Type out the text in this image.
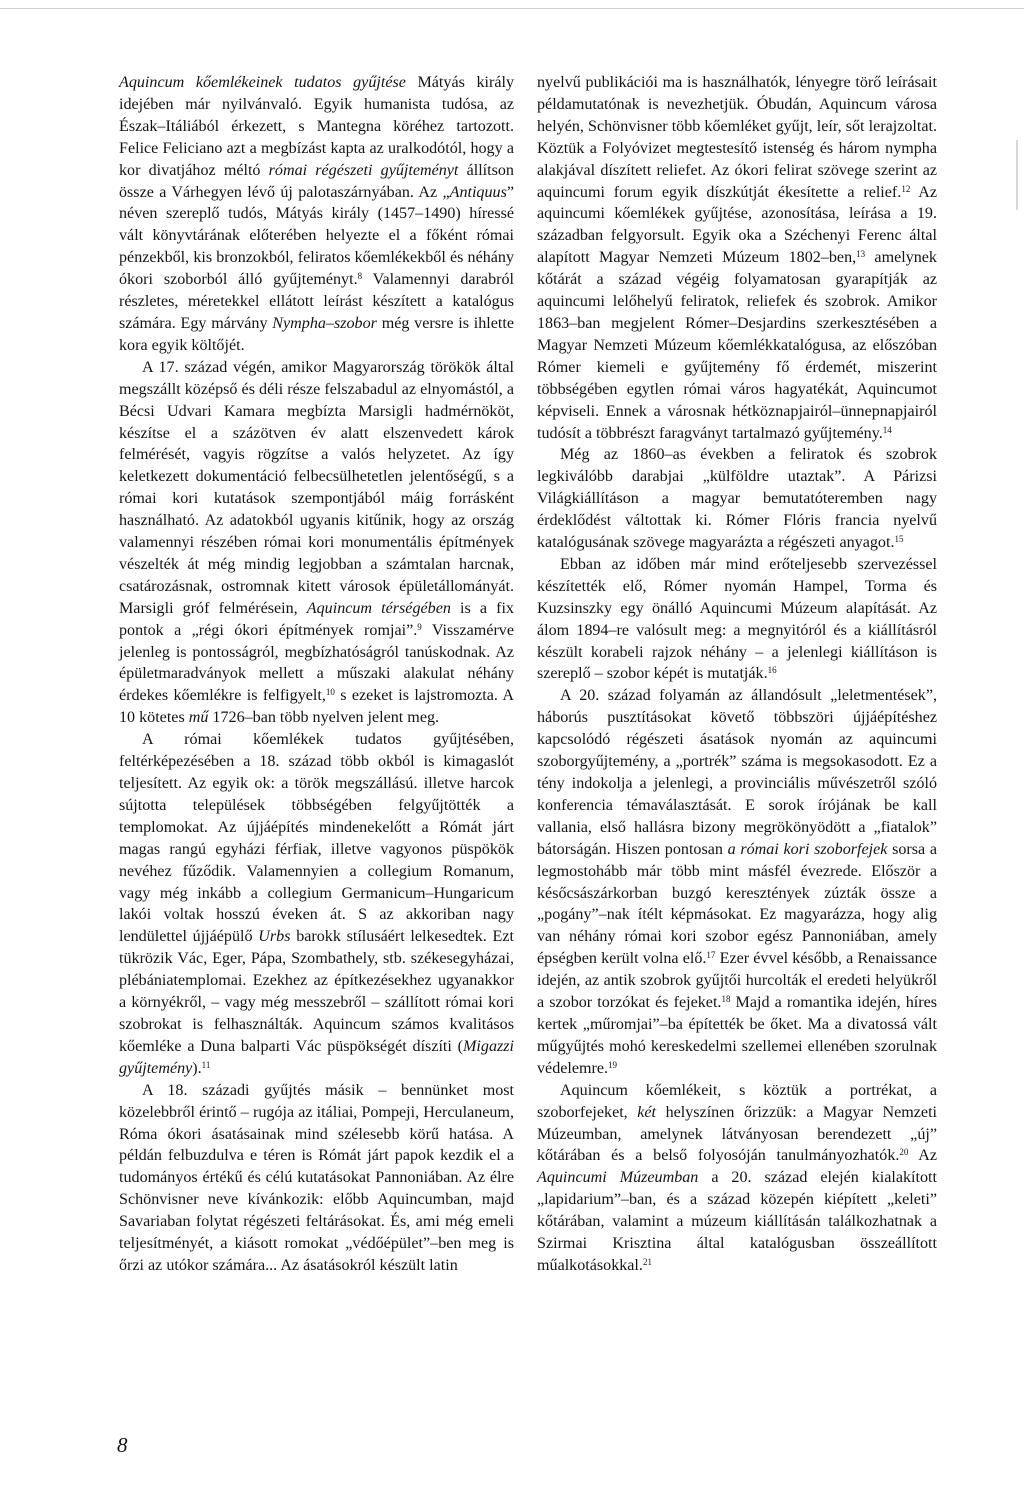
Aquincum kőemlékeinek tudatos gyűjtése Mátyás király idejében már nyilvánvaló. Egyik humanista tudósa, az Észak–Itáliából érkezett, s Mantegna köréhez tartozott. Felice Feliciano azt a megbízást kapta az uralkodótól, hogy a kor divatjához méltó római régészeti gyűjteményt állítson össze a Várhegyen lévő új palotaszárnyában. Az „Antiquus” néven szereplő tudós, Mátyás király (1457–1490) híressé vált könyvtárának előterében helyezte el a főként római pénzekből, kis bronzokból, feliratos kőemlékekből és néhány ókori szoborból álló gyűjteményt.$^8$ Valamennyi darabról részletes, méretekkel ellátott leírást készített a katalógus számára. Egy márvány Nympha–szobor még versre is ihlette kora egyik költőjét.

A 17. század végén, amikor Magyarország törökök által megszállt középső és déli része felszabadul az elnyomástól, a Bécsi Udvari Kamara megbízta Marsigli hadmérnököt, készítse el a százötven év alatt elszenvedett károk felmérését, vagyis rögzítse a valós helyzetet. Az így keletkezett dokumentáció felbecsülhetetlen jelentőségű, s a római kori kutatások szempontjából máig forrásként használható. Az adatokból ugyanis kitűnik, hogy az ország valamennyi részében római kori monumentális építmények vészelték át még mindig legjobban a számtalan harcnak, csatározásnak, ostromnak kitett városok épületállományát. Marsigli gróf felmérésein, Aquincum térségében is a fix pontok a „régi ókori építmények romjai”.$^9$ Visszamérve jelenleg is pontosságról, megbízhatóságról tanúskodnak. Az épületmaradványok mellett a műszaki alakulat néhány érdekes kőemlékre is felfigyelt,$^{10}$ s ezeket is lajstromozta. A 10 kötetes mű 1726–ban több nyelven jelent meg.

A római kőemlékek tudatos gyűjtésében, feltérképezésében a 18. század több okból is kimagaslót teljesített. Az egyik ok: a török megszállású. illetve harcok sújtotta települések többségében felgyűjtötték a templomokat. Az újjáépítés mindenekelőtt a Rómát járt magas rangú egyházi férfiak, illetve vagyonos püspökök nevéhez fűződik. Valamennyien a collegium Romanum, vagy még inkább a collegium Germanicum–Hungaricum lakói voltak hosszú éveken át. S az akkoriban nagy lendülettel újjáépülő Urbs barokk stílusáért lelkesedtek. Ezt tükrözik Vác, Eger, Pápa, Szombathely, stb. székesegyházai, plébániatemplomai. Ezekhez az építkezésekhez ugyanakkor a környékről, – vagy még messzebről – szállított római kori szobrokat is felhasználták. Aquincum számos kvalitásos kőemléke a Duna balparti Vác püspökségét díszíti (Migazzi gyűjtemény).$^{11}$

A 18. századi gyűjtés másik – bennünket most közelebbről érintő – rugója az itáliai, Pompeji, Herculaneum, Róma ókori ásatásainak mind szélesebb körű hatása. A példán felbuzdulva e téren is Rómát járt papok kezdik el a tudományos értékű és célú kutatásokat Pannoniában. Az élre Schönvisner neve kívánkozik: előbb Aquincumban, majd Savariaban folytat régészeti feltárásokat. És, ami még emeli teljesítményét, a kiásott romokat „védőépület”–ben meg is őrzi az utókor számára... Az ásatásokról készült latin

nyelvű publikációi ma is használhatók, lényegre törő leírásait példamutatónak is nevezhetjük. Óbudán, Aquincum városa helyén, Schönvisner több kőemléket gyűjt, leír, sőt lerajzoltat. Köztük a Folyóvizet megtestesítő istenség és három nympha alakjával díszített reliefet. Az ókori felirat szövege szerint az aquincumi forum egyik díszkútját ékesítette a relief.$^{12}$ Az aquincumi kőemlékek gyűjtése, azonosítása, leírása a 19. században felgyorsult. Egyik oka a Széchenyi Ferenc által alapított Magyar Nemzeti Múzeum 1802–ben,$^{13}$ amelynek kőtárát a század végéig folyamatosan gyarapítják az aquincumi lelőhelyű feliratok, reliefek és szobrok. Amikor 1863–ban megjelent Rómer–Desjardins szerkesztésében a Magyar Nemzeti Múzeum kőemlékkatalógusa, az előszóban Rómer kiemeli e gyűjtemény fő érdemét, miszerint többségében egytlen római város hagyatékát, Aquincumot képviseli. Ennek a városnak hétköznapjairól–ünnepnapjairól tudósít a többrészt faragványt tartalmazó gyűjtemény.$^{14}$

Még az 1860–as években a feliratok és szobrok legkiválóbb darabjai „külföldre utaztak”. A Párizsi Világkiállításon a magyar bemutatóteremben nagy érdeklődést váltottak ki. Rómer Flóris francia nyelvű katalógusának szövege magyarázta a régészeti anyagot.$^{15}$

Ebban az időben már mind erőteljesebb szervezéssel készítették elő, Rómer nyomán Hampel, Torma és Kuzsinszky egy önálló Aquincumi Múzeum alapítását. Az álom 1894–re valósult meg: a megnyitóról és a kiállításról készült korabeli rajzok néhány – a jelenlegi kiállításon is szereplő – szobor képét is mutatják.$^{16}$

A 20. század folyamán az állandósult „leletmentések”, háborús pusztításokat követő többszöri újjáépítéshez kapcsolódó régészeti ásatások nyomán az aquincumi szoborgyűjtemény, a „portrék” száma is megsokasodott. Ez a tény indokolja a jelenlegi, a provinciális művészetről szóló konferencia témaválasztását. E sorok írójának be kall vallania, első hallásra bizony megrökönyödött a „fiatalok” bátorságán. Hiszen pontosan a római kori szoborfejek sorsa a legmostohább már több mint másfél évezrede. Először a későcsászárkorban buzgó keresztények zúzták össze a „pogány”–nak ítélt képmásokat. Ez magyarázza, hogy alig van néhány római kori szobor egész Pannoniában, amely épségben került volna elő.$^{17}$ Ezer évvel később, a Renaissance idején, az antik szobrok gyűjtői hurcolták el eredeti helyükről a szobor torzókat és fejeket.$^{18}$ Majd a romantika idején, híres kertek „műromjai”–ba építették be őket. Ma a divatossá vált műgyűjtés mohó kereskedelmi szellemei ellenében szorulnak védelemre.$^{19}$

Aquincum kőemlékeit, s köztük a portrékat, a szoborfejeket, két helyszínen őrizzük: a Magyar Nemzeti Múzeumban, amelynek látványosan berendezett „új” kőtárában és a belső folyosóján tanulmányozhatók.$^{20}$ Az Aquincumi Múzeumban a 20. század elején kialakított „lapidarium”–ban, és a század közepén kiépített „keleti” kőtárában, valamint a múzeum kiállításán találkozhatnak a Szirmai Krisztina által katalógusban összeállított műalkotásokkal.$^{21}$

8
